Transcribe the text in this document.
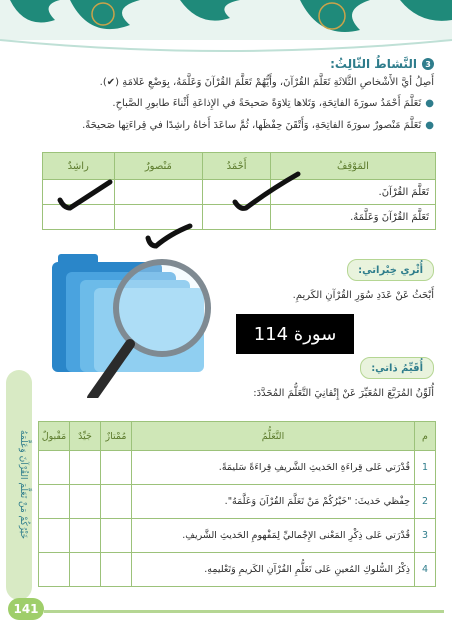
3
النَّشاطُ الثّالِثُ:
أَصِلُ أيَّ الأَشْخاصِ الثَّلاثَةِ تَعَلَّمَ القُرْآنَ، وأَيُّهُمْ تَعَلَّمَ القُرْآنَ وَعَلَّمَهُ، بِوَضْعِ عَلامَةِ (✔).
●تَعَلَّمَ أَحْمَدُ سورَةَ الفاتِحَةِ، وَتَلاها تِلاوَةً صَحيحَةً في الإِذاعَةِ أَثْناءَ طابورِ الصَّباحِ.
●تَعَلَّمَ مَنْصورٌ سورَةَ الفاتِحَةِ، وَأَتْقَنَ حِفْظَها، ثُمَّ ساعَدَ أَخاهُ راشِدًا في قِراءَتِها صَحيحَةً.
المَوْقِفُ	أَحْمَدُ	مَنْصورٌ	راشِدٌ
تَعَلَّمَ القُرْآنَ.			
تَعَلَّمَ القُرْآنَ وَعَلَّمَهُ.			
أُثْري خِبْراتي:
أَبْحَثُ عَنْ عَدَدِ سُوَرِ القُرْآنِ الكَريمِ.
114 سورة
أُقَيِّمُ ذاتي:
أُلَوِّنُ المُرَبَّعَ المُعَبِّرَ عَنْ إِتْقانِيَ التَّعَلُّمَ المُحَدَّدَ:
خَيْرُكُمْ مَنْ تَعَلَّمَ القُرْآنَ وَعَلَّمَهُ	م	التَّعَلُّمُ	مُمْتازٌ	جَيِّدٌ	مَقْبولٌ
1	قُدْرَتي عَلى قِراءَةِ الحَديثِ الشَّريفِ قِراءَةً سَليمَةً.			
2	حِفْظي حَديثَ: "خَيْرُكُمْ مَنْ تَعَلَّمَ القُرْآنَ وَعَلَّمَهُ".			
3	قُدْرَتي عَلى ذِكْرِ المَعْنى الإِجْماليِّ لِمَفْهومِ الحَديثِ الشَّريفِ.			
4	ذِكْرُ السُّلوكِ المُعينِ عَلى تَعَلُّمِ القُرْآنِ الكَريمِ وَتَعْليمِهِ.			
141
